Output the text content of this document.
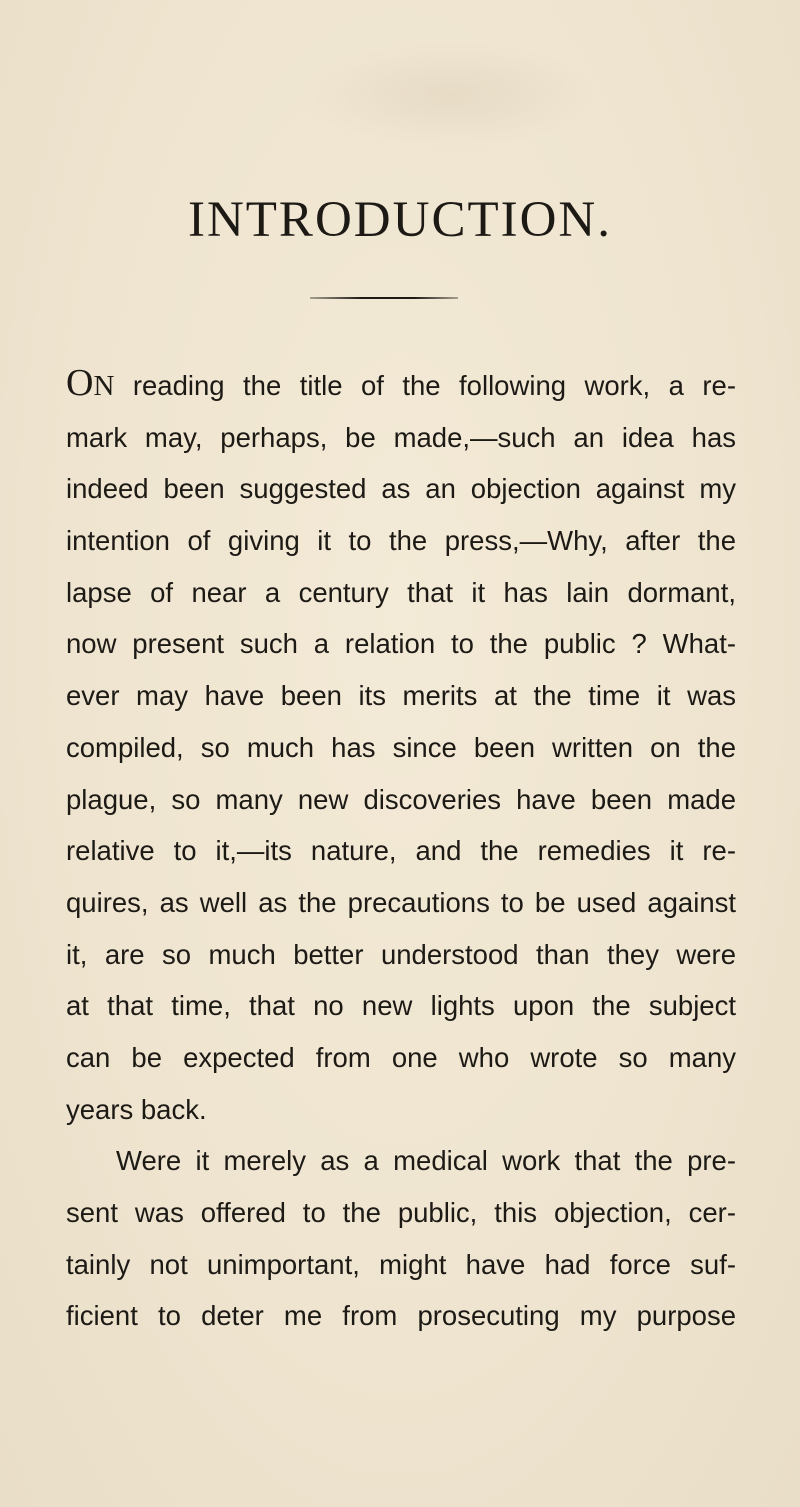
INTRODUCTION.
ON reading the title of the following work, a re-
mark may, perhaps, be made,—such an idea has
indeed been suggested as an objection against my
intention of giving it to the press,—Why, after the
lapse of near a century that it has lain dormant,
now present such a relation to the public ? What-
ever may have been its merits at the time it was
compiled, so much has since been written on the
plague, so many new discoveries have been made
relative to it,—its nature, and the remedies it re-
quires, as well as the precautions to be used against
it, are so much better understood than they were
at that time, that no new lights upon the subject
can be expected from one who wrote so many
years back.
Were it merely as a medical work that the pre-
sent was offered to the public, this objection, cer-
tainly not unimportant, might have had force suf-
ficient to deter me from prosecuting my purpose
